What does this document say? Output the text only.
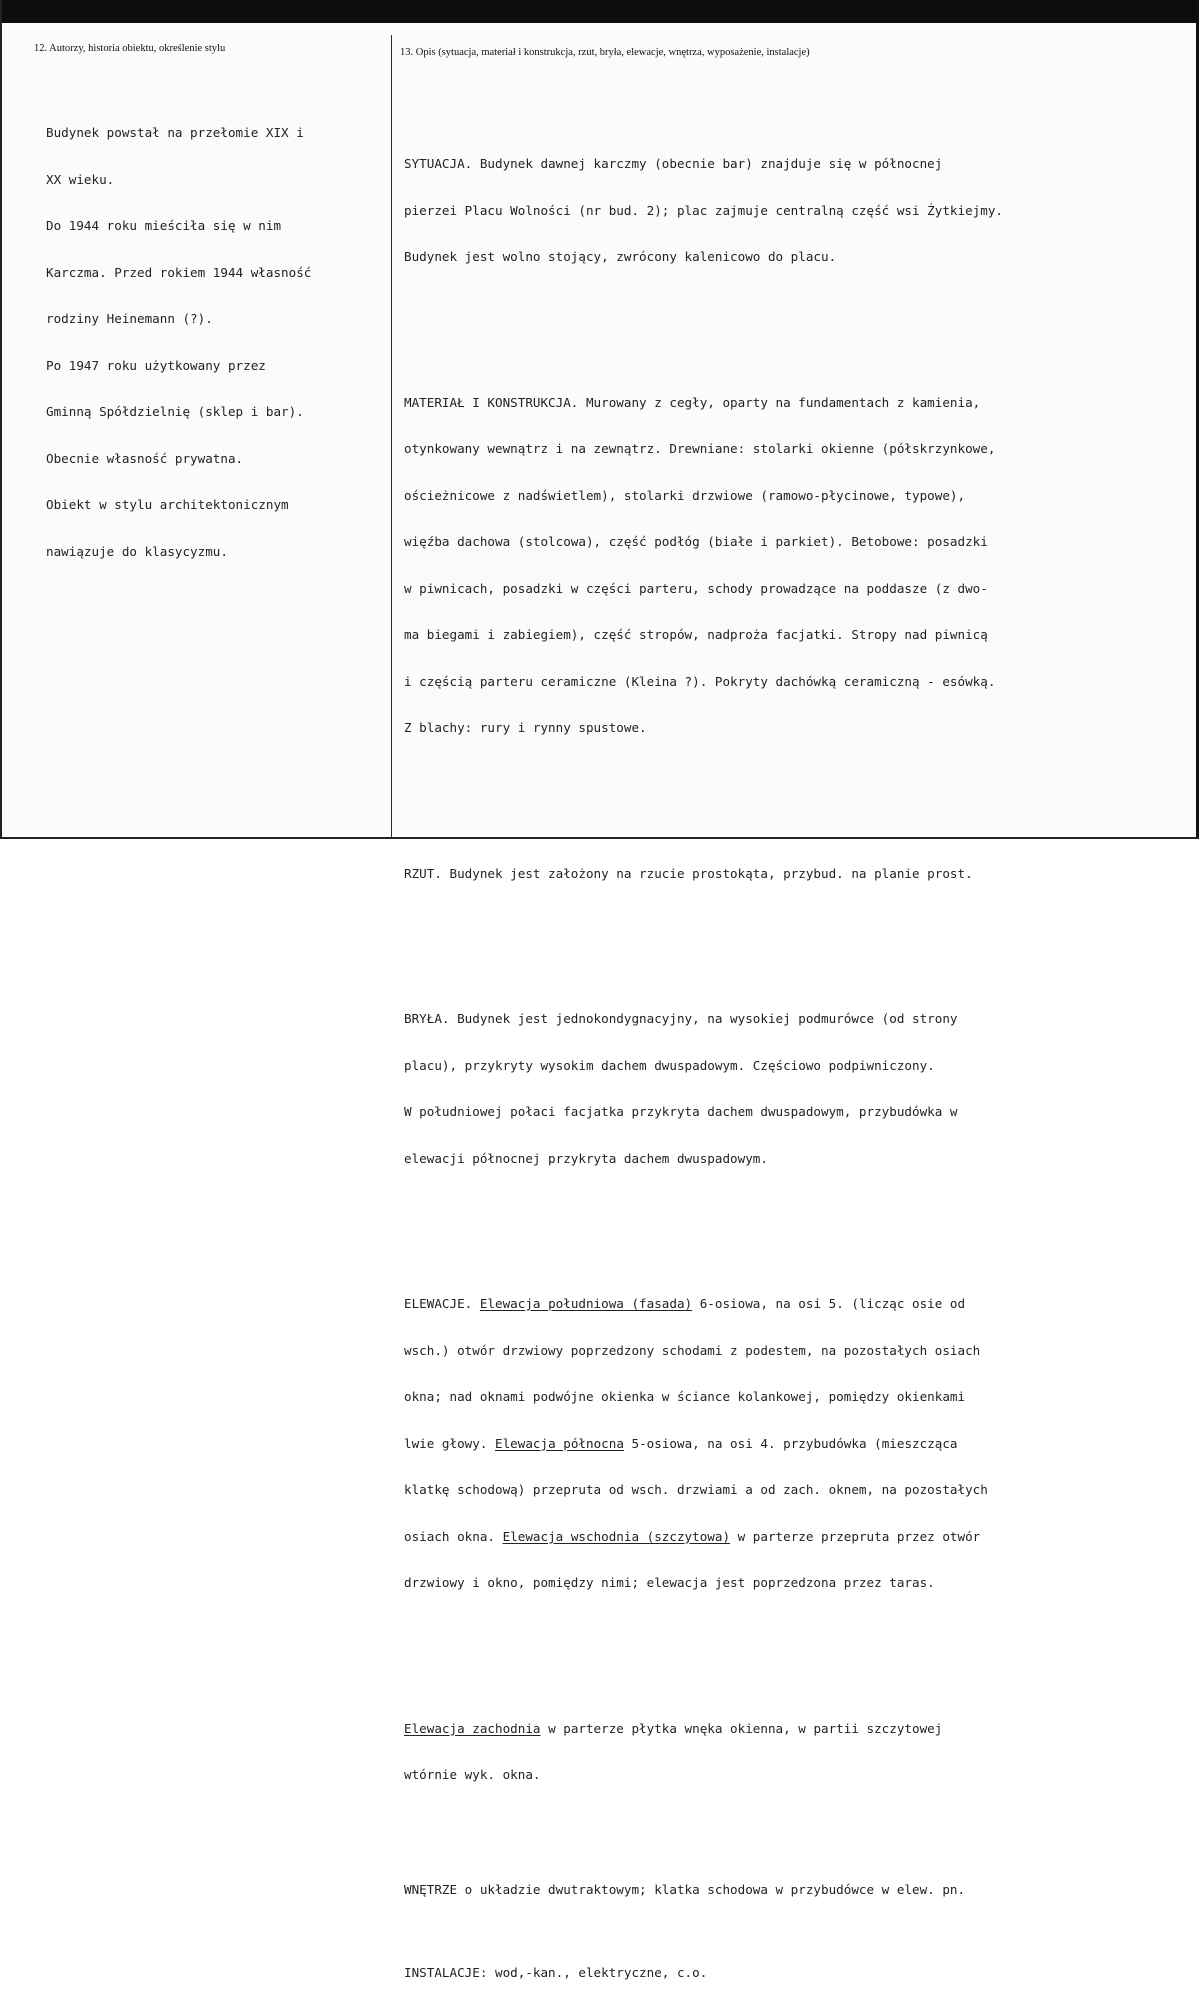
12. Autorzy, historia obiektu, określenie stylu	13. Opis (sytuacja, materiał i konstrukcja, rzut, bryła, elewacje, wnętrza, wyposażenie, instalacje)

Budynek powstał na przełomie XIX i

XX wieku.

Do 1944 roku mieściła się w nim

Karczma. Przed rokiem 1944 własność

rodziny Heinemann (?).

Po 1947 roku użytkowany przez

Gminną Spółdzielnię (sklep i bar).

Obecnie własność prywatna.

Obiekt w stylu architektonicznym

nawiązuje do klasycyzmu.

SYTUACJA. Budynek dawnej karczmy (obecnie bar) znajduje się w północnej

pierzei Placu Wolności (nr bud. 2); plac zajmuje centralną część wsi Żytkiejmy.

Budynek jest wolno stojący, zwrócony kalenicowo do placu.

MATERIAŁ I KONSTRUKCJA. Murowany z cegły, oparty na fundamentach z kamienia,

otynkowany wewnątrz i na zewnątrz. Drewniane: stolarki okienne (półskrzynkowe,

ościeżnicowe z nadświetlem), stolarki drzwiowe (ramowo-płycinowe, typowe),

więźba dachowa (stolcowa), część podłóg (białe i parkiet). Betobowe: posadzki

w piwnicach, posadzki w części parteru, schody prowadzące na poddasze (z dwo-

ma biegami i zabiegiem), część stropów, nadproża facjatki. Stropy nad piwnicą

i częścią parteru ceramiczne (Kleina ?). Pokryty dachówką ceramiczną - esówką.

Z blachy: rury i rynny spustowe.

RZUT. Budynek jest założony na rzucie prostokąta, przybud. na planie prost.

BRYŁA. Budynek jest jednokondygnacyjny, na wysokiej podmurówce (od strony

placu), przykryty wysokim dachem dwuspadowym. Częściowo podpiwniczony.

W południowej połaci facjatka przykryta dachem dwuspadowym, przybudówka w

elewacji północnej przykryta dachem dwuspadowym.

ELEWACJE. Elewacja południowa (fasada) 6-osiowa, na osi 5. (licząc osie od

wsch.) otwór drzwiowy poprzedzony schodami z podestem, na pozostałych osiach

okna; nad oknami podwójne okienka w ściance kolankowej, pomiędzy okienkami

lwie głowy. Elewacja północna 5-osiowa, na osi 4. przybudówka (mieszcząca

klatkę schodową) przepruta od wsch. drzwiami a od zach. oknem, na pozostałych

osiach okna. Elewacja wschodnia (szczytowa) w parterze przepruta przez otwór

drzwiowy i okno, pomiędzy nimi; elewacja jest poprzedzona przez taras.

Elewacja zachodnia w parterze płytka wnęka okienna, w partii szczytowej

wtórnie wyk. okna.

WNĘTRZE o układzie dwutraktowym; klatka schodowa w przybudówce w elew. pn.

INSTALACJE: wod,-kan., elektryczne, c.o.
